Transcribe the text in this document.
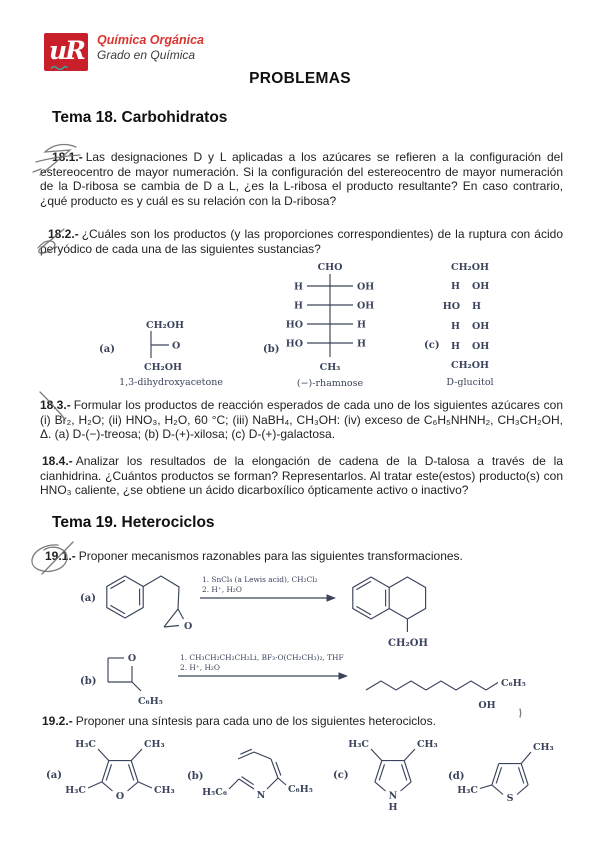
uR Química Orgánica
Grado en Química
PROBLEMAS
Tema 18. Carbohidratos

18.1.- Las designaciones D y L aplicadas a los azúcares se refieren a la configuración del estereocentro de mayor numeración. Si la configuración del estereocentro de mayor numeración de la D-ribosa se cambia de D a L, ¿es la L-ribosa el producto resultante? En caso contrario, ¿qué producto es y cuál es su relación con la D-ribosa?

18.2.- ¿Cuáles son los productos (y las proporciones correspondientes) de la ruptura con ácido peryódico de cada una de las siguientes sustancias?

(a)
CH₂OH
O
CH₂OH
1,3-dihydroxyacetone
(b)
CHO
H	OH
H	OH
HO	H
HO	H
CH₃
(−)-rhamnose
(c)
CH₂OH
H OH
HO H
H OH
H OH
CH₂OH
D-glucitol

18.3.- Formular los productos de reacción esperados de cada uno de los siguientes azúcares con (i) Br₂, H₂O; (ii) HNO₃, H₂O, 60 °C; (iii) NaBH₄, CH₃OH: (iv) exceso de C₆H₅NHNH₂, CH₃CH₂OH, Δ. (a) D-(−)-treosa; (b) D-(+)-xilosa; (c) D-(+)-galactosa.

18.4.- Analizar los resultados de la elongación de cadena de la D-talosa a través de la cianhidrina. ¿Cuántos productos se forman? Representarlos. Al tratar este(estos) producto(s) con HNO₃ caliente, ¿se obtiene un ácido dicarboxílico ópticamente activo o inactivo?

Tema 19. Heterociclos

19.1.- Proponer mecanismos razonables para las siguientes transformaciones.

(a)
O
1. SnCl₄ (a Lewis acid), CH₂Cl₂
2. H⁺, H₂O
CH₂OH
(b)
O
C₆H₅
1. CH₃CH₂CH₂CH₂Li, BF₃·O(CH₂CH₃)₂, THF
2. H⁺, H₂O
C₆H₅
OH

19.2.- Proponer una síntesis para cada uno de los siguientes heterociclos.

(a)
O
H₃C	CH₃
H₃C	CH₃
(b)
H₅C₆	N
C₆H₅
(c)
N
H
H₃C	CH₃
(d)
S
H₃C
CH₃
